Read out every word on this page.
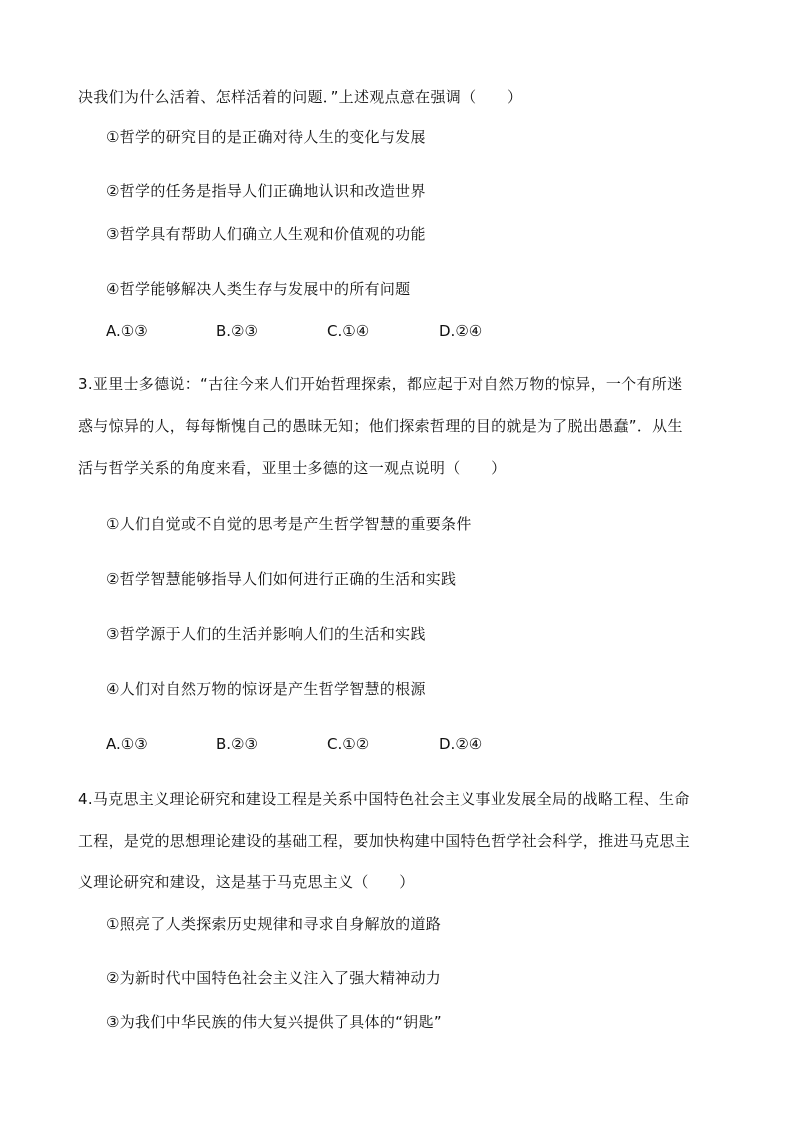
决我们为什么活着、怎样活着的问题．”上述观点意在强调（　　）
①哲学的研究目的是正确对待人生的变化与发展
②哲学的任务是指导人们正确地认识和改造世界
③哲学具有帮助人们确立人生观和价值观的功能
④哲学能够解决人类生存与发展中的所有问题
A.①③	B.②③	C.①④	D.②④
3.亚里士多德说：“古往今来人们开始哲理探索，都应起于对自然万物的惊异，一个有所迷
惑与惊异的人，每每惭愧自己的愚昧无知；他们探索哲理的目的就是为了脱出愚蠢”．从生
活与哲学关系的角度来看，亚里士多德的这一观点说明（　　）
①人们自觉或不自觉的思考是产生哲学智慧的重要条件
②哲学智慧能够指导人们如何进行正确的生活和实践
③哲学源于人们的生活并影响人们的生活和实践
④人们对自然万物的惊讶是产生哲学智慧的根源
A.①③	B.②③	C.①②	D.②④
4.马克思主义理论研究和建设工程是关系中国特色社会主义事业发展全局的战略工程、生命
工程，是党的思想理论建设的基础工程，要加快构建中国特色哲学社会科学，推进马克思主
义理论研究和建设，这是基于马克思主义（　　）
①照亮了人类探索历史规律和寻求自身解放的道路
②为新时代中国特色社会主义注入了强大精神动力
③为我们中华民族的伟大复兴提供了具体的“钥匙”
